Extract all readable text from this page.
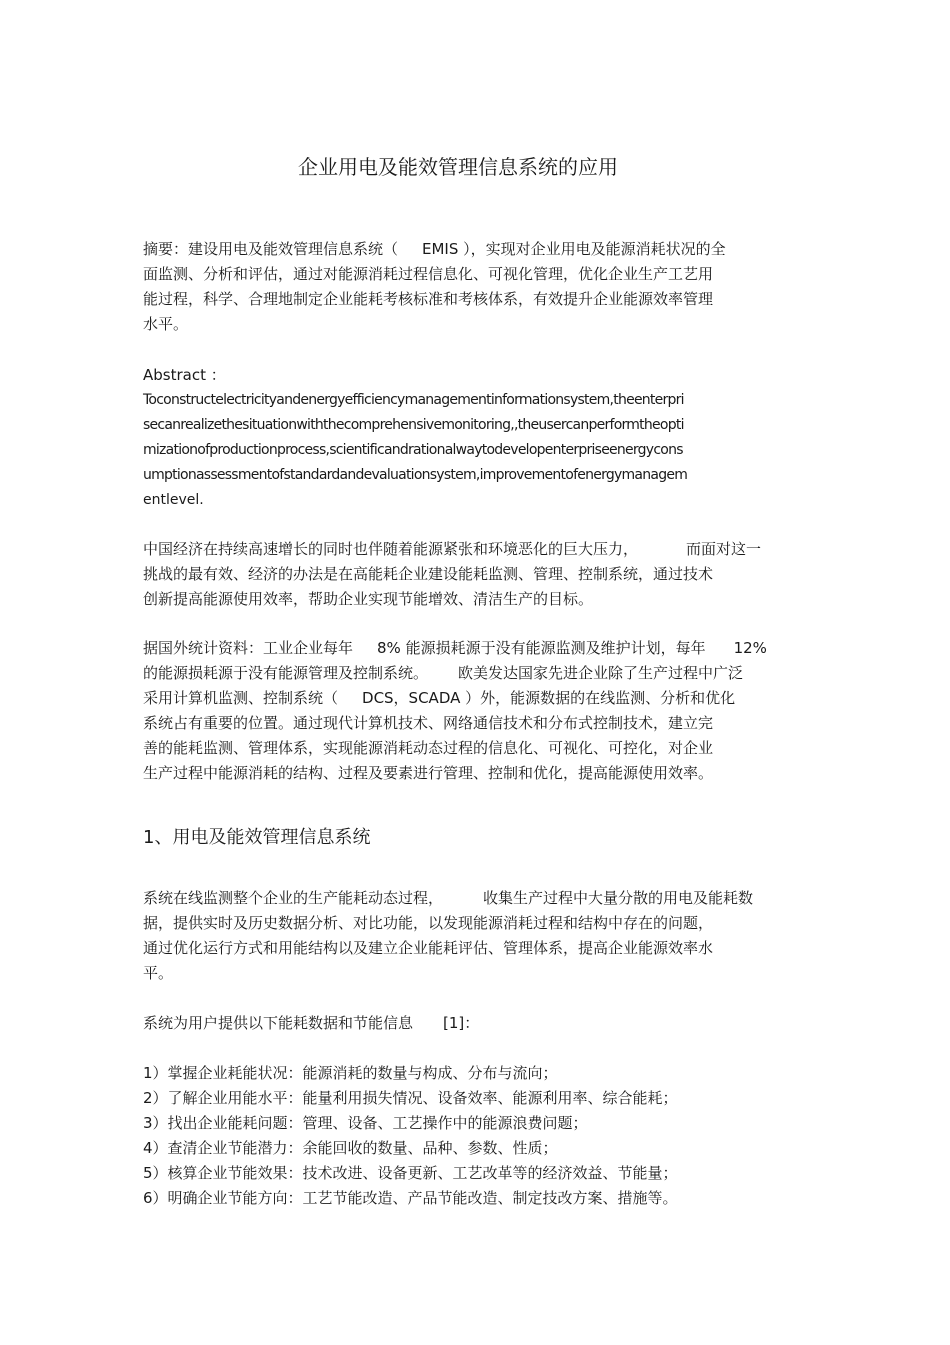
企业用电及能效管理信息系统的应用

摘要：建设用电及能效管理信息系统（ EMIS ），实现对企业用电及能源消耗状况的全

面监测、分析和评估，通过对能源消耗过程信息化、可视化管理，优化企业生产工艺用

能过程，科学、合理地制定企业能耗考核标准和考核体系，有效提升企业能源效率管理

水平。

Abstract ：

Toconstructelectricityandenergyefficiencymanagementinformationsystem,theenterpri

secanrealizethesituationwiththecomprehensivemonitoring,,theusercanperformtheopti

mizationofproductionprocess,scientificandrationalwaytodevelopenterpriseenergycons

umptionassessmentofstandardandevaluationsystem,improvementofenergymanagem

entlevel.

中国经济在持续高速增长的同时也伴随着能源紧张和环境恶化的巨大压力，	而面对这一

挑战的最有效、经济的办法是在高能耗企业建设能耗监测、管理、控制系统，通过技术

创新提高能源使用效率，帮助企业实现节能增效、清洁生产的目标。

据国外统计资料：工业企业每年 8% 能源损耗源于没有能源监测及维护计划，每年 12%

的能源损耗源于没有能源管理及控制系统。 欧美发达国家先进企业除了生产过程中广泛

采用计算机监测、控制系统（ DCS，SCADA ）外，能源数据的在线监测、分析和优化

系统占有重要的位置。通过现代计算机技术、网络通信技术和分布式控制技术，建立完

善的能耗监测、管理体系，实现能源消耗动态过程的信息化、可视化、可控化，对企业

生产过程中能源消耗的结构、过程及要素进行管理、控制和优化，提高能源使用效率。

1、用电及能效管理信息系统

系统在线监测整个企业的生产能耗动态过程，	收集生产过程中大量分散的用电及能耗数

据，提供实时及历史数据分析、对比功能，以发现能源消耗过程和结构中存在的问题，

通过优化运行方式和用能结构以及建立企业能耗评估、管理体系，提高企业能源效率水

平。

系统为用户提供以下能耗数据和节能信息 [1]：

1）掌握企业耗能状况：能源消耗的数量与构成、分布与流向；

2）了解企业用能水平：能量利用损失情况、设备效率、能源利用率、综合能耗；

3）找出企业能耗问题：管理、设备、工艺操作中的能源浪费问题；

4）查清企业节能潜力：余能回收的数量、品种、参数、性质；

5）核算企业节能效果：技术改进、设备更新、工艺改革等的经济效益、节能量；

6）明确企业节能方向：工艺节能改造、产品节能改造、制定技改方案、措施等。
